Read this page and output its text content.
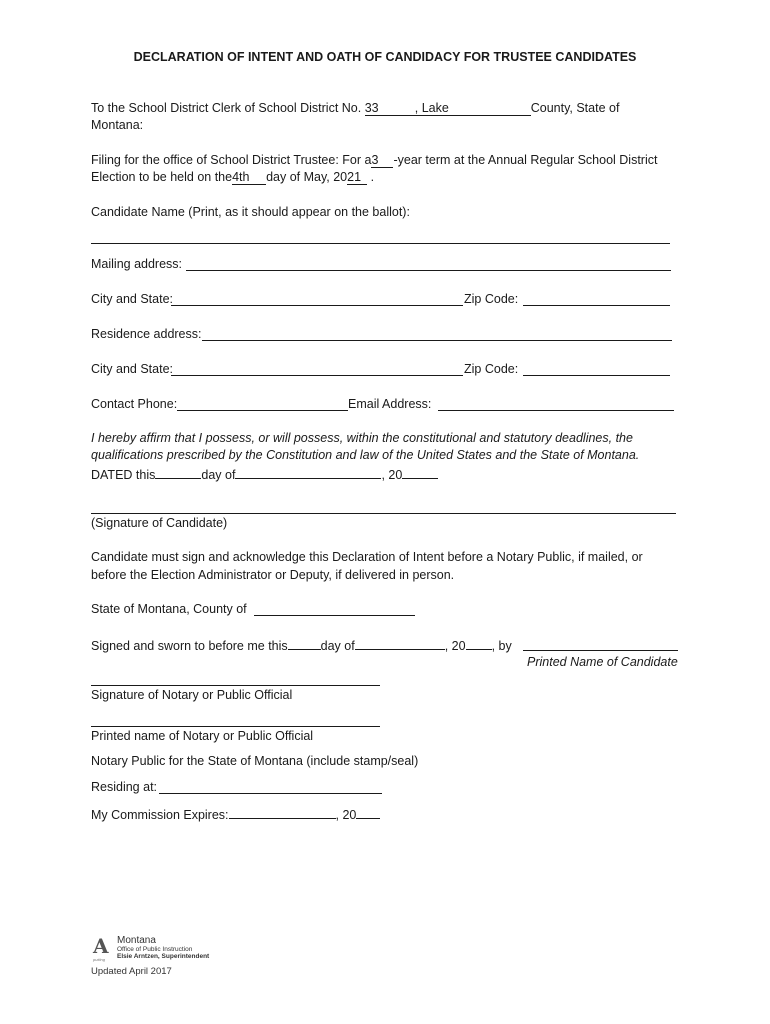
DECLARATION OF INTENT AND OATH OF CANDIDACY FOR TRUSTEE CANDIDATES
To the School District Clerk of School District No. 33	, Lake	County, State of
Montana:
Filing for the office of School District Trustee: For a3 -year term at the Annual Regular School District
Election to be held on the4th day of May, 2021 .
Candidate Name (Print, as it should appear on the ballot):
Mailing address:
City and State:	Zip Code:
Residence address:
City and State:	Zip Code:
Contact Phone:	Email Address:
I hereby affirm that I possess, or will possess, within the constitutional and statutory deadlines, the
qualifications prescribed by the Constitution and law of the United States and the State of Montana.
DATED this	day of	, 20
(Signature of Candidate)
Candidate must sign and acknowledge this Declaration of Intent before a Notary Public, if mailed, or
before the Election Administrator or Deputy, if delivered in person.
State of Montana, County of
Signed and sworn to before me this	day of	, 20 , by
Printed Name of Candidate
Signature of Notary or Public Official
Printed name of Notary or Public Official
Notary Public for the State of Montana (include stamp/seal)
Residing at:
My Commission Expires:	, 20
A Montana
Office of Public Instruction
Elsie Arntzen, Superintendent
putting
Updated April 2017
